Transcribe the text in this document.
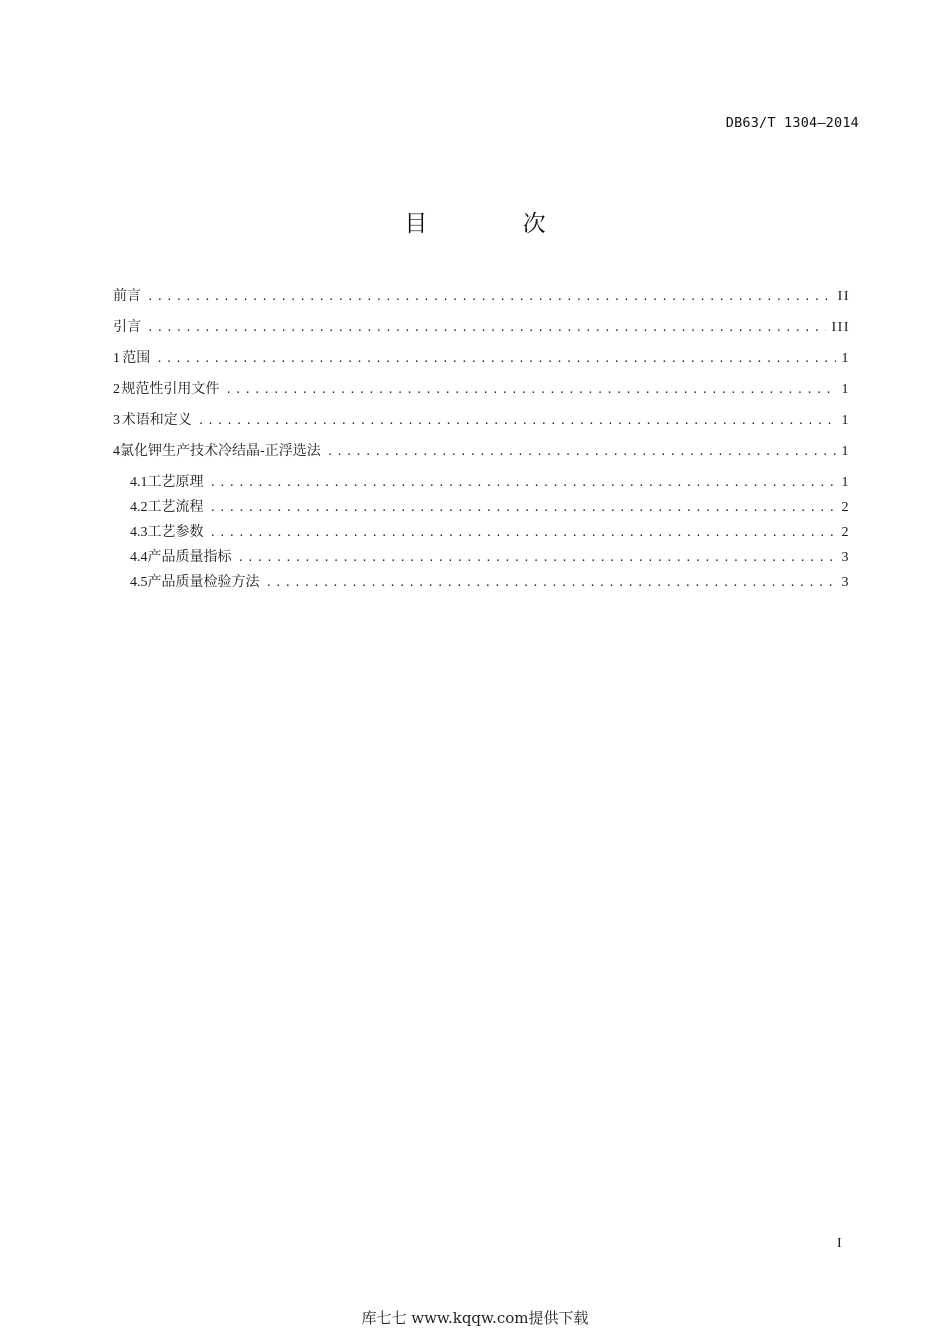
DB63/T 1304—2014
目 次
前言 .....	II
引言 .....	III
1 范围 .....	1
2 规范性引用文件 .....	1
3 术语和定义 .....	1
4 氯化钾生产技术冷结晶-正浮选法 .....	1
4.1 工艺原理 .....	1
4.2 工艺流程 .....	2
4.3 工艺参数 .....	2
4.4 产品质量指标 .....	3
4.5 产品质量检验方法 .....	3
I
库七七 www.kqqw.com提供下载
